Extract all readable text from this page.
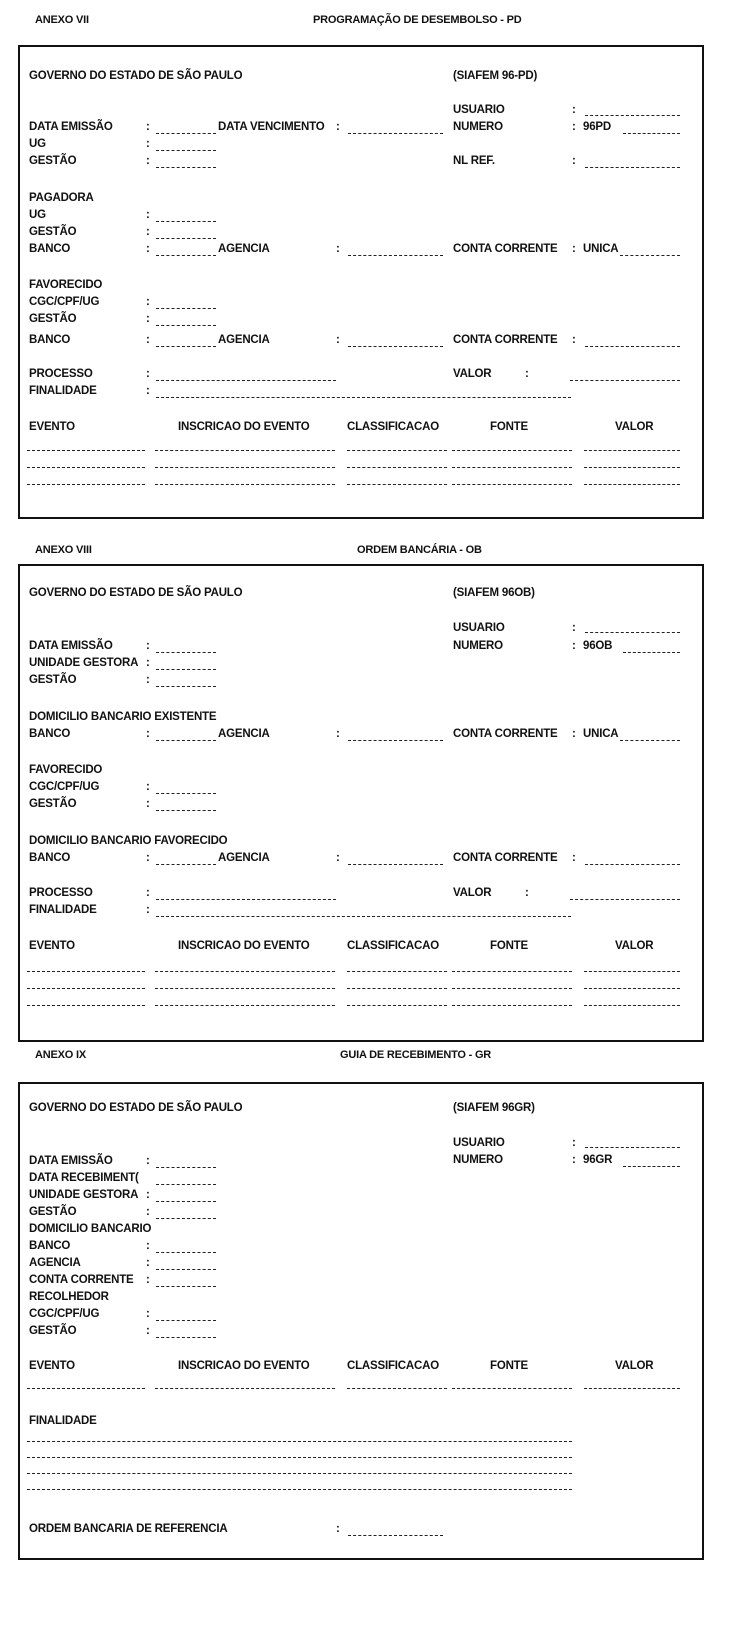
ANEXO VII	PROGRAMAÇÃO DE DESEMBOLSO - PD
GOVERNO DO ESTADO DE SÃO PAULO	(SIAFEM 96-PD)
USUARIO	:
DATA EMISSÃO	:	DATA VENCIMENTO :	NUMERO	: 96PD
UG	:
GESTÃO	:	NL REF.	:
PAGADORA
UG	:
GESTÃO	:
BANCO	:	AGENCIA	:	CONTA CORRENTE : UNICA
FAVORECIDO
CGC/CPF/UG	:
GESTÃO	:
BANCO	:	AGENCIA	:	CONTA CORRENTE :
PROCESSO	:	VALOR	:
FINALIDADE	:
EVENTO	INSCRICAO DO EVENTO	CLASSIFICACAO	FONTE	VALOR
ANEXO VIII	ORDEM BANCÁRIA - OB
GOVERNO DO ESTADO DE SÃO PAULO	(SIAFEM 96OB)
USUARIO	:
DATA EMISSÃO	:	NUMERO	: 96OB
UNIDADE GESTORA :
GESTÃO	:
DOMICILIO BANCARIO EXISTENTE
BANCO	:	AGENCIA	:	CONTA CORRENTE : UNICA
FAVORECIDO
CGC/CPF/UG	:
GESTÃO	:
DOMICILIO BANCARIO FAVORECIDO
BANCO	:	AGENCIA	:	CONTA CORRENTE :
PROCESSO	:	VALOR	:
FINALIDADE	:
EVENTO	INSCRICAO DO EVENTO	CLASSIFICACAO	FONTE	VALOR
ANEXO IX	GUIA DE RECEBIMENTO - GR
GOVERNO DO ESTADO DE SÃO PAULO	(SIAFEM 96GR)
USUARIO	:
NUMERO	: 96GR
DATA EMISSÃO	:
DATA RECEBIMENT(
UNIDADE GESTORA :
GESTÃO	:
DOMICILIO BANCARIO
BANCO	:
AGENCIA	:
CONTA CORRENTE :
RECOLHEDOR
CGC/CPF/UG	:
GESTÃO	:
EVENTO	INSCRICAO DO EVENTO	CLASSIFICACAO	FONTE	VALOR
FINALIDADE
ORDEM BANCARIA DE REFERENCIA	:
